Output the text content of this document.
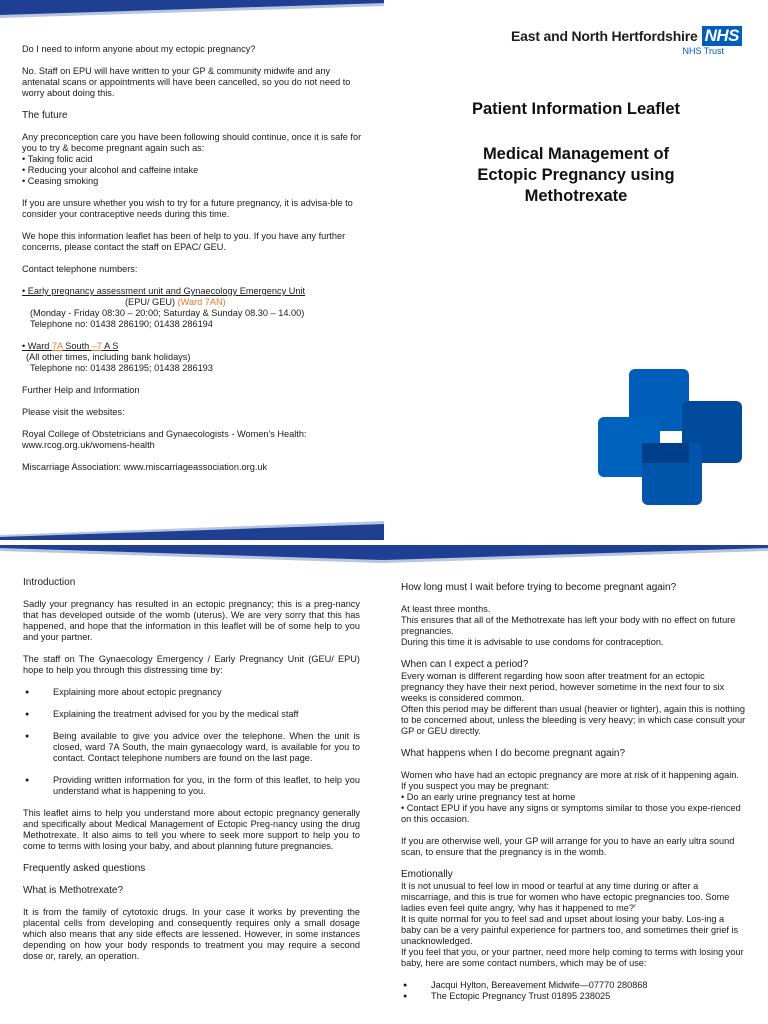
Do I need to inform anyone about my ectopic pregnancy?

No. Staff on EPU will have written to your GP & community midwife and any antenatal scans or appointments will have been cancelled, so you do not need to worry about doing this.

The future

Any preconception care you have been following should continue, once it is safe for you to try & become pregnant again such as:

• Taking folic acid
• Reducing your alcohol and caffeine intake

• Ceasing smoking

If you are unsure whether you wish to try for a future pregnancy, it is advisa-ble to consider your contraceptive needs during this time.

We hope this information leaflet has been of help to you. If you have any further concerns, please contact the staff on EPAC/ GEU.

Contact telephone numbers:

• Early pregnancy assessment unit and Gynaecology Emergency Unit
(EPU/ GEU) (Ward 7AN)
(Monday - Friday 08:30 – 20:00; Saturday & Sunday 08.30 – 14.00)

Telephone no: 01438 286190; 01438 286194

• Ward 7A South –7 A S
(All other times, including bank holidays)

Telephone no: 01438 286195; 01438 286193

Further Help and Information

Please visit the websites:

Royal College of Obstetricians and Gynaecologists - Women's Health:

www.rcog.org.uk/womens-health

Miscarriage Association: www.miscarriageassociation.org.uk

East and North Hertfordshire NHS
NHS Trust
Patient Information Leaflet
Medical Management of
Ectopic Pregnancy using
Methotrexate

Introduction

Sadly your pregnancy has resulted in an ectopic pregnancy; this is a preg-nancy that has developed outside of the womb (uterus). We are very sorry that this has happened, and hope that the information in this leaflet will be of some help to you and your partner.

The staff on The Gynaecology Emergency / Early Pregnancy Unit (GEU/ EPU) hope to help you through this distressing time by:

● Explaining more about ectopic pregnancy
● Explaining the treatment advised for you by the medical staff
● Being available to give you advice over the telephone. When the unit is closed, ward 7A South, the main gynaecology ward, is available for you to contact. Contact telephone numbers are found on the last page.
● Providing written information for you, in the form of this leaflet, to help you understand what is happening to you.

This leaflet aims to help you understand more about ectopic pregnancy generally and specifically about Medical Management of Ectopic Preg-nancy using the drug Methotrexate. It also aims to tell you where to seek more support to help you to come to terms with losing your baby, and about planning future pregnancies.

Frequently asked questions

What is Methotrexate?

It is from the family of cytotoxic drugs. In your case it works by preventing the placental cells from developing and consequently requires only a small dosage which also means that any side effects are lessened. However, in some instances depending on how your body responds to treatment you may require a second dose or, rarely, an operation.

How long must I wait before trying to become pregnant again?

At least three months.
This ensures that all of the Methotrexate has left your body with no effect on future pregnancies.

During this time it is advisable to use condoms for contraception.

When can I expect a period?
Every woman is different regarding how soon after treatment for an ectopic pregnancy they have their next period, however sometime in the next four to six weeks is considered common.

Often this period may be different than usual (heavier or lighter), again this is nothing to be concerned about, unless the bleeding is very heavy; in which case consult your GP or GEU directly.

What happens when I do become pregnant again?

Women who have had an ectopic pregnancy are more at risk of it happening again. If you suspect you may be pregnant:
• Do an early urine pregnancy test at home

• Contact EPU if you have any signs or symptoms similar to those you expe-rienced on this occasion.

If you are otherwise well, your GP will arrange for you to have an early ultra sound scan, to ensure that the pregnancy is in the womb.

Emotionally
It is not unusual to feel low in mood or tearful at any time during or after a miscarriage, and this is true for women who have ectopic pregnancies too. Some ladies even feel quite angry, 'why has it happened to me?'
It is quite normal for you to feel sad and upset about losing your baby. Los-ing a baby can be a very painful experience for partners too, and sometimes their grief is unacknowledged.

If you feel that you, or your partner, need more help coming to terms with losing your baby, here are some contact numbers, which may be of use:

● Jacqui Hylton, Bereavement Midwife—07770 280868
● The Ectopic Pregnancy Trust 01895 238025
